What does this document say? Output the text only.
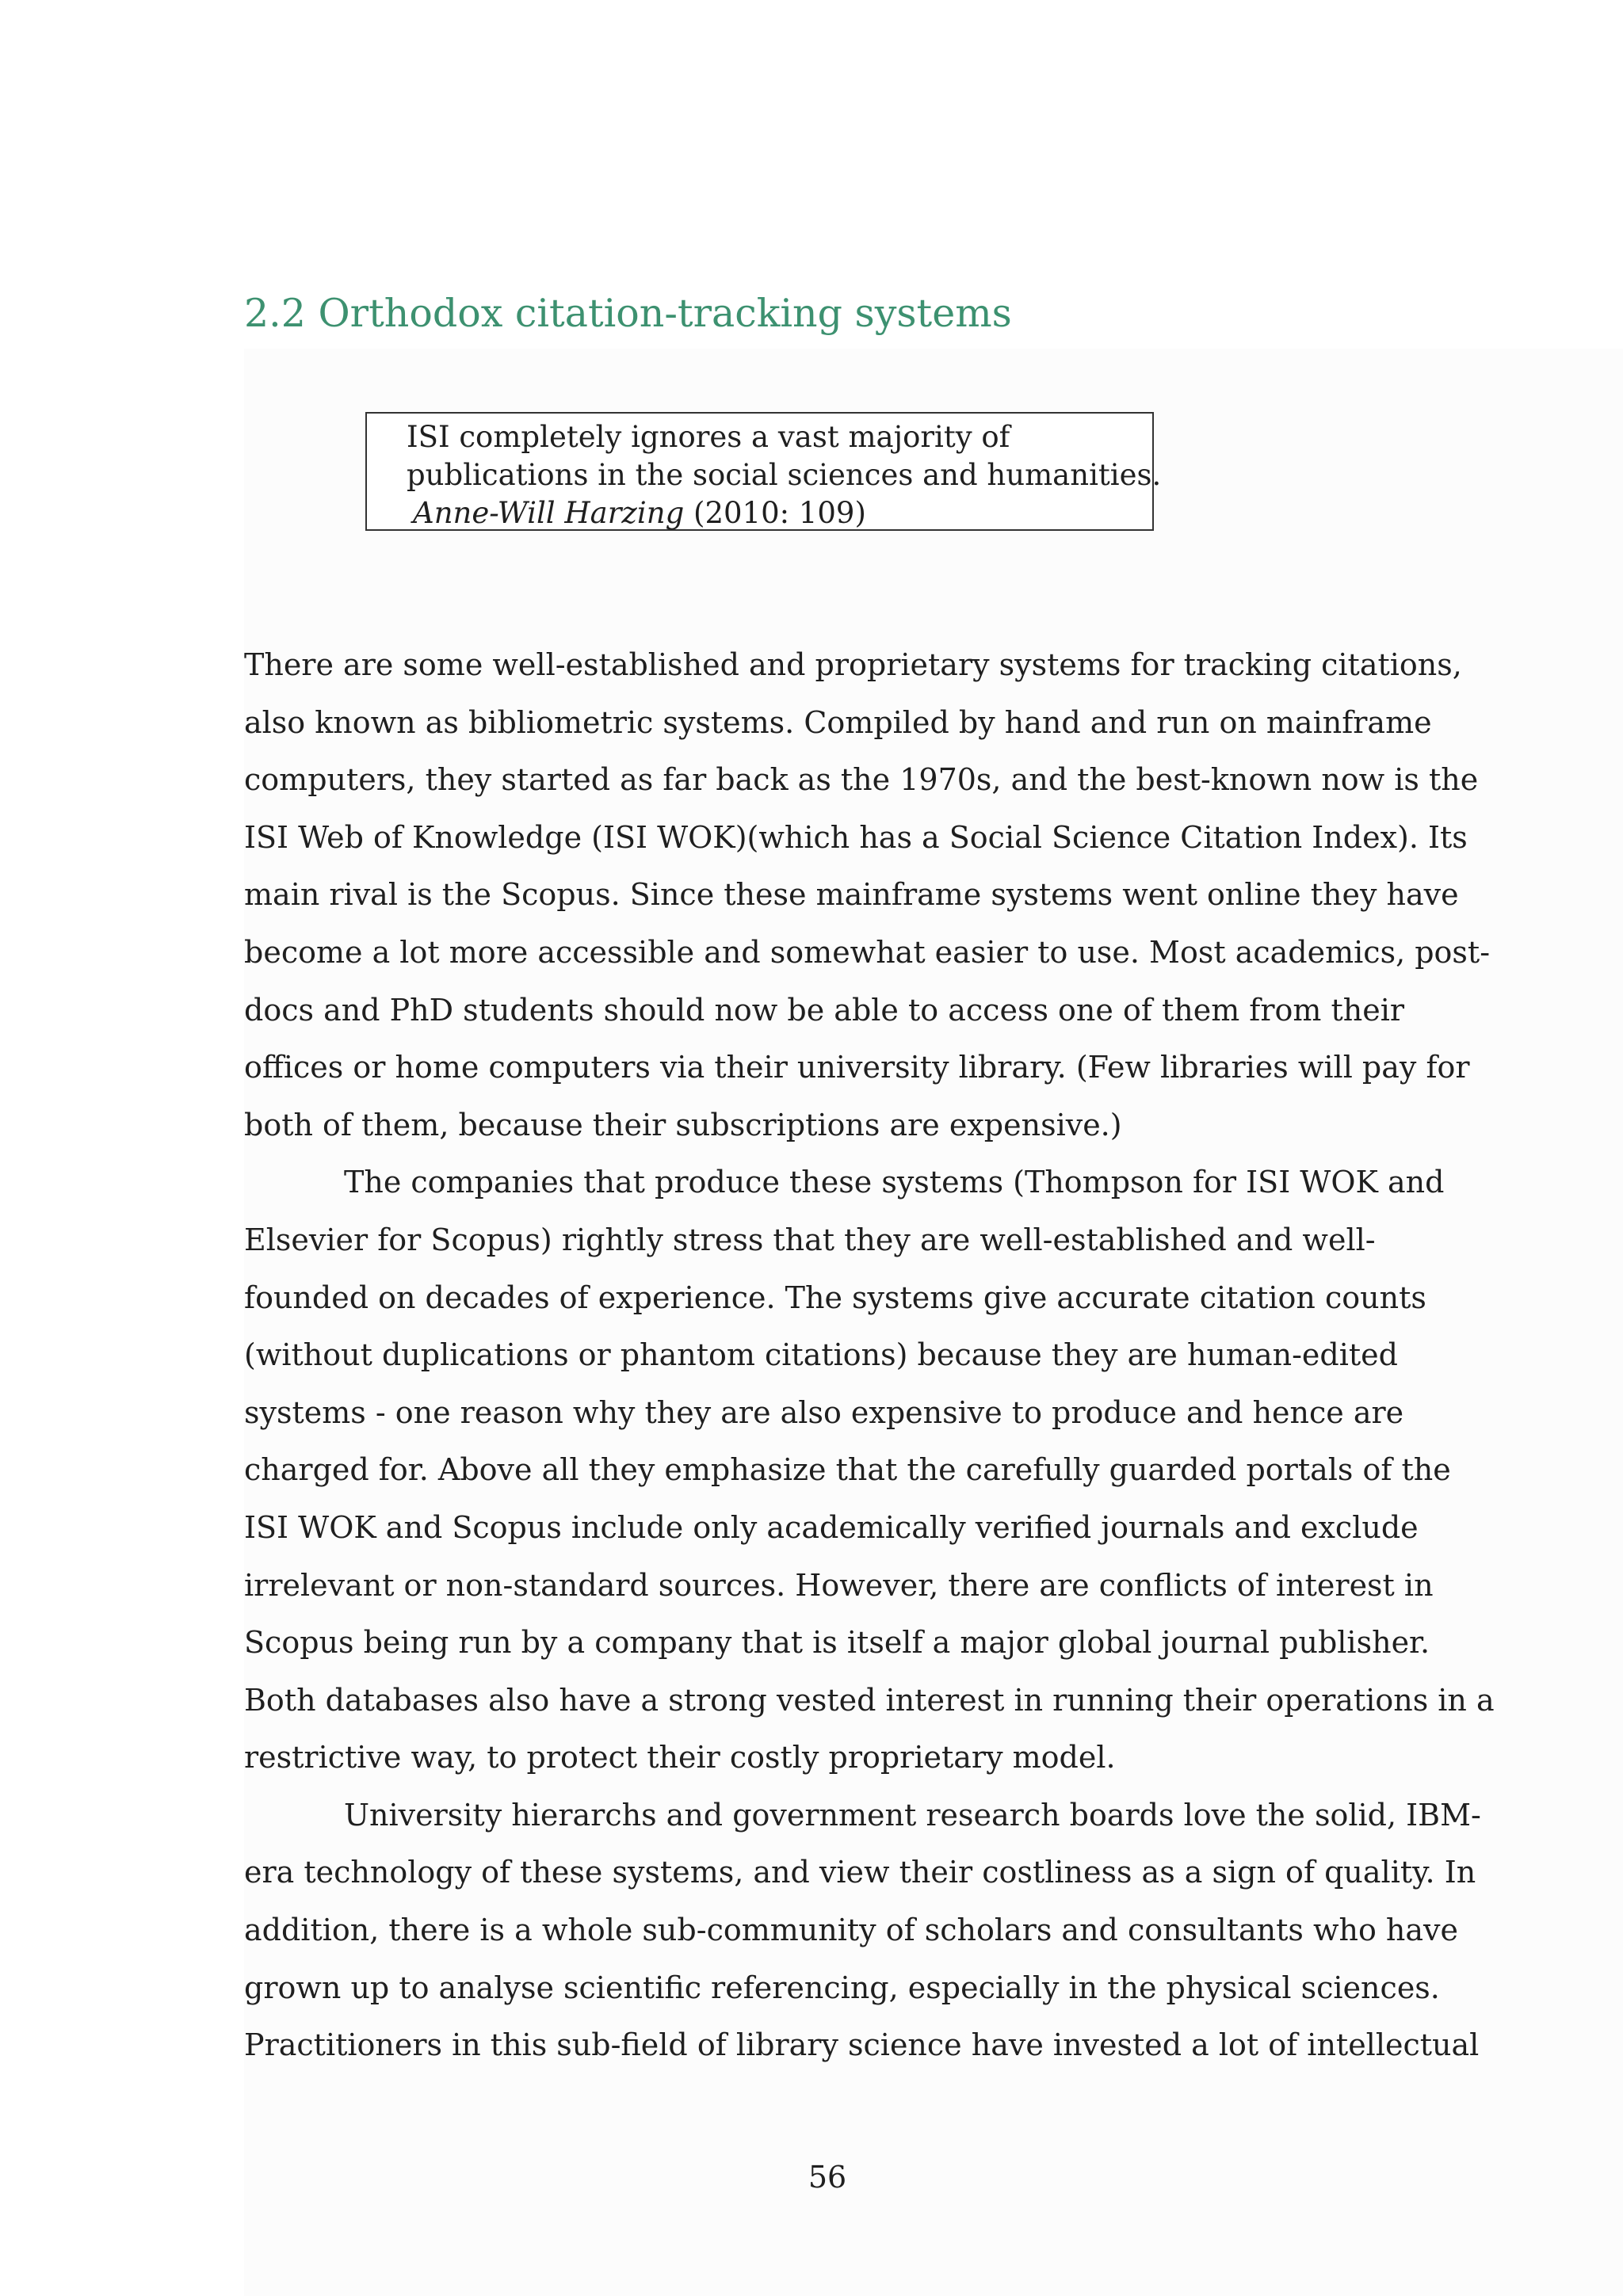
2.2 Orthodox citation-tracking systems
ISI completely ignores a vast majority of
publications in the social sciences and humanities.
Anne-Will Harzing (2010: 109)
There are some well-established and proprietary systems for tracking citations,
also known as bibliometric systems. Compiled by hand and run on mainframe
computers, they started as far back as the 1970s, and the best-known now is the
ISI Web of Knowledge (ISI WOK)(which has a Social Science Citation Index). Its
main rival is the Scopus. Since these mainframe systems went online they have
become a lot more accessible and somewhat easier to use. Most academics, post-
docs and PhD students should now be able to access one of them from their
offices or home computers via their university library. (Few libraries will pay for
both of them, because their subscriptions are expensive.)
The companies that produce these systems (Thompson for ISI WOK and
Elsevier for Scopus) rightly stress that they are well-established and well-
founded on decades of experience. The systems give accurate citation counts
(without duplications or phantom citations) because they are human-edited
systems - one reason why they are also expensive to produce and hence are
charged for. Above all they emphasize that the carefully guarded portals of the
ISI WOK and Scopus include only academically verified journals and exclude
irrelevant or non-standard sources. However, there are conflicts of interest in
Scopus being run by a company that is itself a major global journal publisher.
Both databases also have a strong vested interest in running their operations in a
restrictive way, to protect their costly proprietary model.
University hierarchs and government research boards love the solid, IBM-
era technology of these systems, and view their costliness as a sign of quality. In
addition, there is a whole sub-community of scholars and consultants who have
grown up to analyse scientific referencing, especially in the physical sciences.
Practitioners in this sub-field of library science have invested a lot of intellectual
56
